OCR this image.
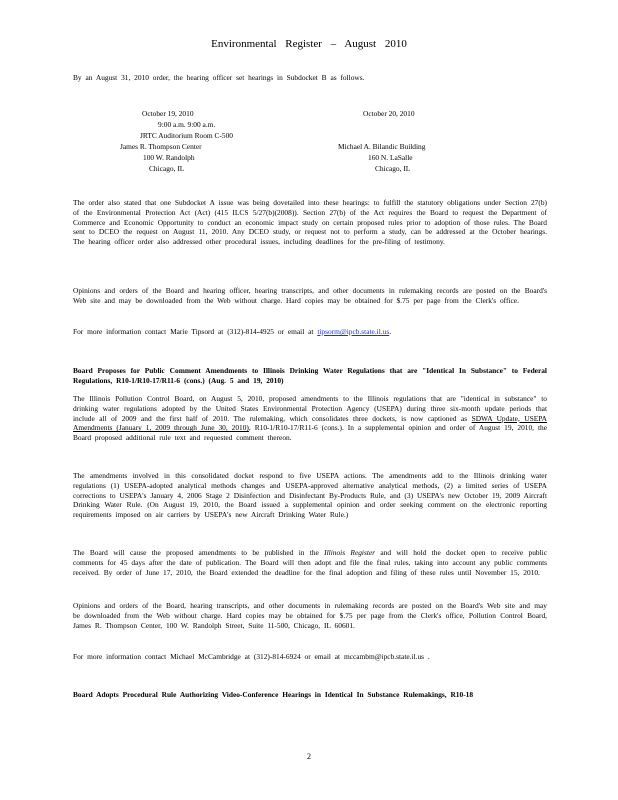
Environmental Register – August 2010

By an August 31, 2010 order, the hearing officer set hearings in Subdocket B as follows.

October 19, 2010
9:00 a.m. 9:00 a.m.
JRTC Auditorium Room C-500
James R. Thompson Center
100 W. Randolph
Chicago, IL
October 20, 2010
Michael A. Bilandic Building
160 N. LaSalle
Chicago, IL

The order also stated that one Subdocket A issue was being dovetailed into these hearings: to fulfill the statutory obligations under Section 27(b) of the Environmental Protection Act (Act) (415 ILCS 5/27(b)(2008)). Section 27(b) of the Act requires the Board to request the Department of Commerce and Economic Opportunity to conduct an economic impact study on certain proposed rules prior to adoption of those rules. The Board sent to DCEO the request on August 11, 2010. Any DCEO study, or request not to perform a study, can be addressed at the October hearings. The hearing officer order also addressed other procedural issues, including deadlines for the pre-filing of testimony.

Opinions and orders of the Board and hearing officer, hearing transcripts, and other documents in rulemaking records are posted on the Board's Web site and may be downloaded from the Web without charge. Hard copies may be obtained for $.75 per page from the Clerk's office.

For more information contact Marie Tipsord at (312)-814-4925 or email at tipsorm@ipcb.state.il.us.

Board Proposes for Public Comment Amendments to Illinois Drinking Water Regulations that are "Identical In Substance" to Federal Regulations, R10-1/R10-17/R11-6 (cons.) (Aug. 5 and 19, 2010)

The Illinois Pollution Control Board, on August 5, 2010, proposed amendments to the Illinois regulations that are "identical in substance" to drinking water regulations adopted by the United States Environmental Protection Agency (USEPA) during three six-month update periods that include all of 2009 and the first half of 2010. The rulemaking, which consolidates three dockets, is now captioned as SDWA Update, USEPA Amendments (January 1, 2009 through June 30, 2010), R10-1/R10-17/R11-6 (cons.). In a supplemental opinion and order of August 19, 2010, the Board proposed additional rule text and requested comment thereon.

The amendments involved in this consolidated docket respond to five USEPA actions. The amendments add to the Illinois drinking water regulations (1) USEPA-adopted analytical methods changes and USEPA-approved alternative analytical methods, (2) a limited series of USEPA corrections to USEPA's January 4, 2006 Stage 2 Disinfection and Disinfectant By-Products Rule, and (3) USEPA's new October 19, 2009 Aircraft Drinking Water Rule. (On August 19, 2010, the Board issued a supplemental opinion and order seeking comment on the electronic reporting requirements imposed on air carriers by USEPA's new Aircraft Drinking Water Rule.)

The Board will cause the proposed amendments to be published in the Illinois Register and will hold the docket open to receive public comments for 45 days after the date of publication. The Board will then adopt and file the final rules, taking into account any public comments received. By order of June 17, 2010, the Board extended the deadline for the final adoption and filing of these rules until November 15, 2010.

Opinions and orders of the Board, hearing transcripts, and other documents in rulemaking records are posted on the Board's Web site and may be downloaded from the Web without charge. Hard copies may be obtained for $.75 per page from the Clerk's office, Pollution Control Board, James R. Thompson Center, 100 W. Randolph Street, Suite 11-500, Chicago, IL 60601.

For more information contact Michael McCambridge at (312)-814-6924 or email at mccambm@ipcb.state.il.us .

Board Adopts Procedural Rule Authorizing Video-Conference Hearings in Identical In Substance Rulemakings, R10-18

2
